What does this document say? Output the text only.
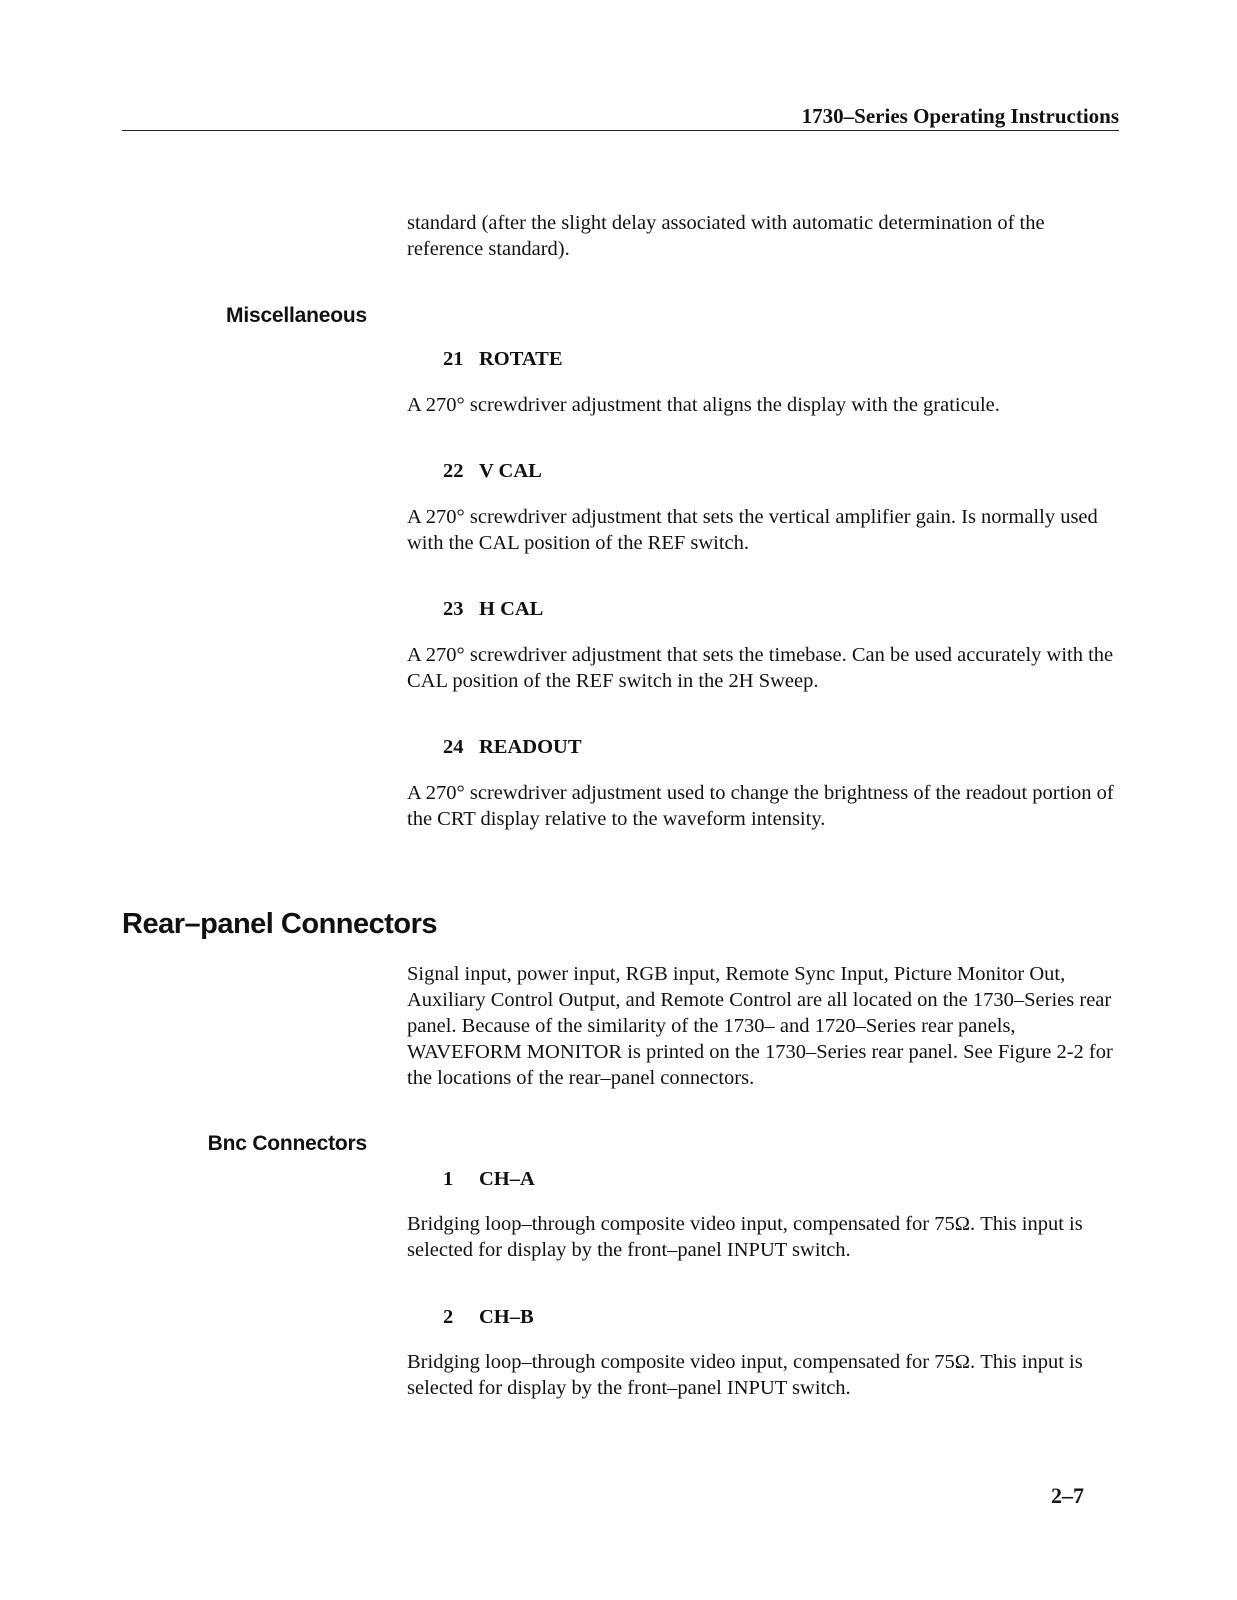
1730–Series Operating Instructions

standard (after the slight delay associated with automatic determination of the reference standard).

Miscellaneous
21 ROTATE

A 270° screwdriver adjustment that aligns the display with the graticule.

22 V CAL

A 270° screwdriver adjustment that sets the vertical amplifier gain. Is normally used with the CAL position of the REF switch.

23 H CAL

A 270° screwdriver adjustment that sets the timebase. Can be used accurately with the CAL position of the REF switch in the 2H Sweep.

24 READOUT

A 270° screwdriver adjustment used to change the brightness of the readout portion of the CRT display relative to the waveform intensity.

Rear–panel Connectors

Signal input, power input, RGB input, Remote Sync Input, Picture Monitor Out, Auxiliary Control Output, and Remote Control are all located on the 1730–Series rear panel. Because of the similarity of the 1730– and 1720–Series rear panels, WAVEFORM MONITOR is printed on the 1730–Series rear panel. See Figure 2-2 for the locations of the rear–panel connectors.

Bnc Connectors
1 CH–A

Bridging loop–through composite video input, compensated for 75Ω. This input is selected for display by the front–panel INPUT switch.

2 CH–B

Bridging loop–through composite video input, compensated for 75Ω. This input is selected for display by the front–panel INPUT switch.

2–7
